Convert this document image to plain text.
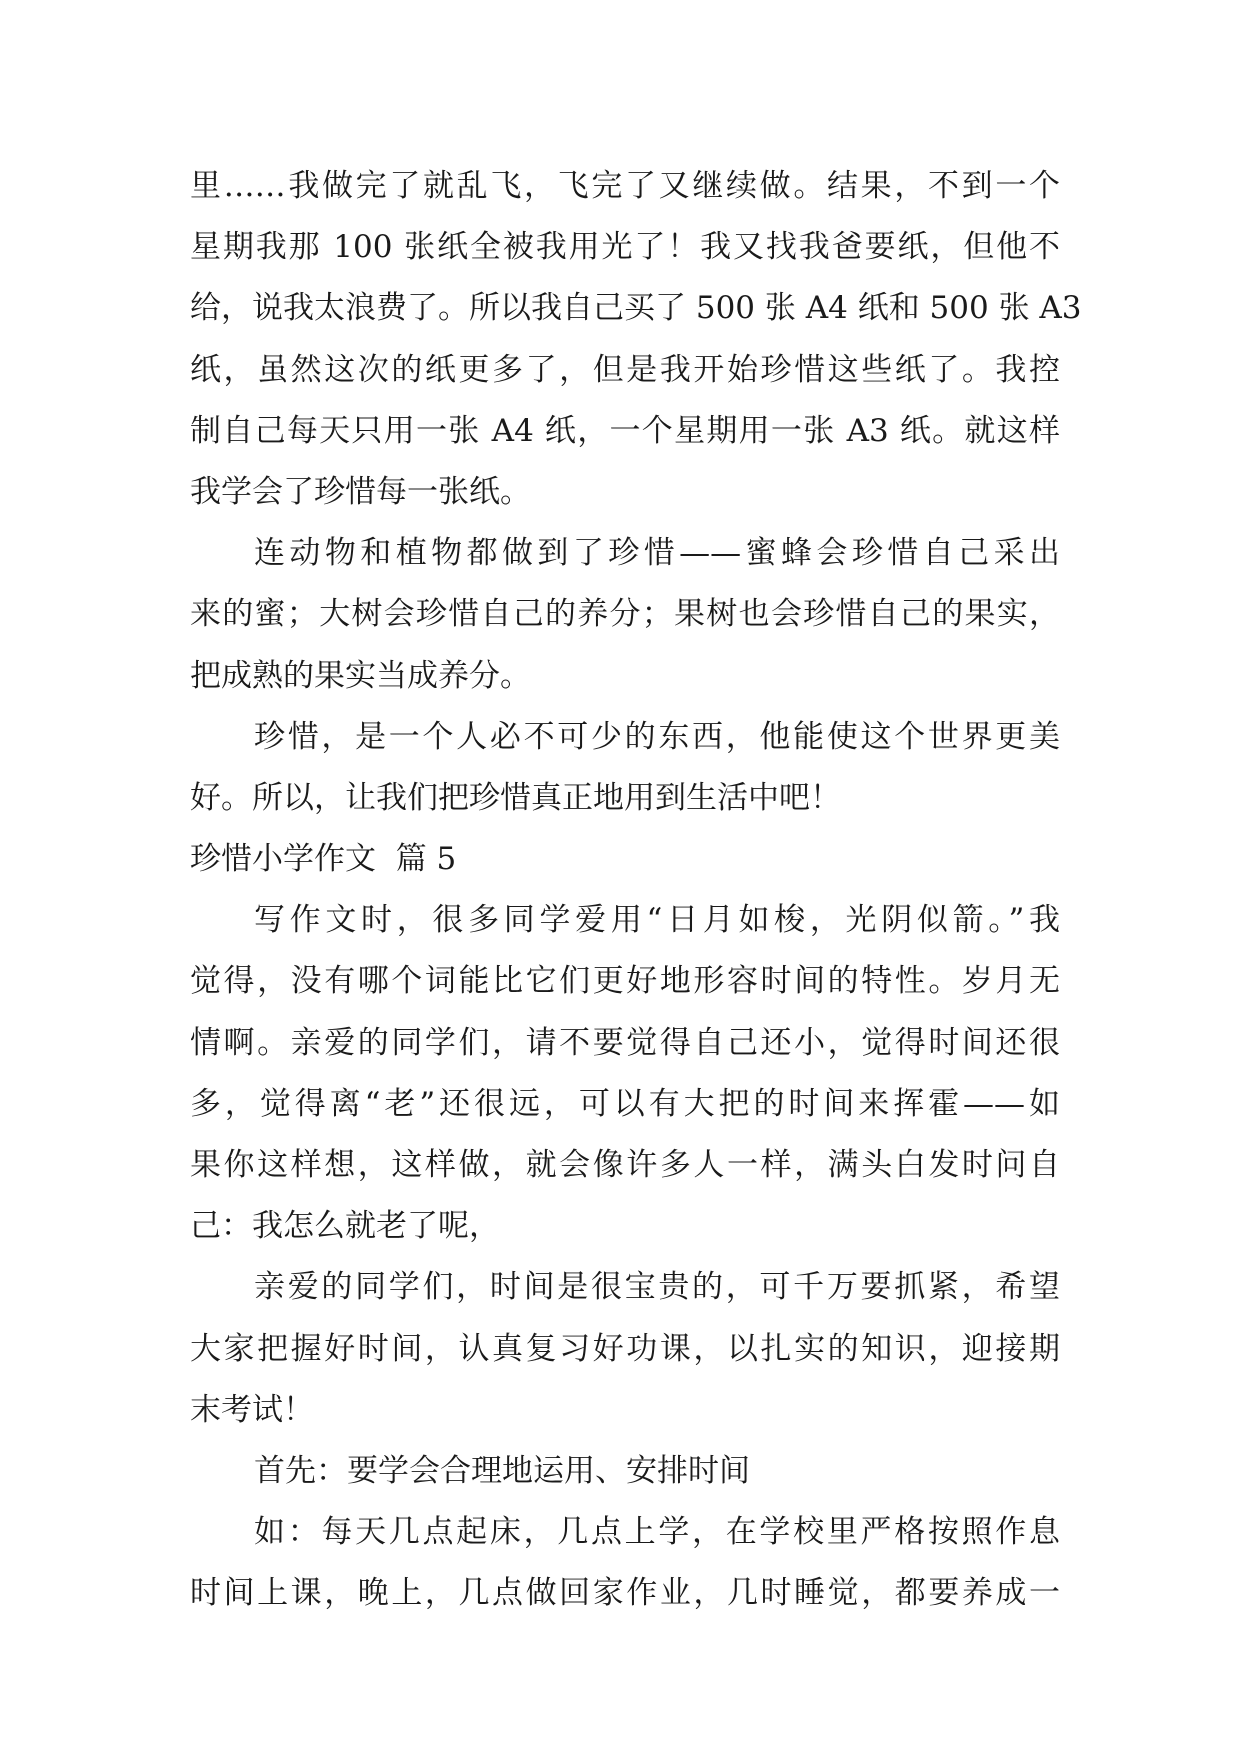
里……我做完了就乱飞，飞完了又继续做。结果，不到一个
星期我那 100 张纸全被我用光了！我又找我爸要纸，但他不
给，说我太浪费了。所以我自己买了 500 张 A4 纸和 500 张 A3
纸，虽然这次的纸更多了，但是我开始珍惜这些纸了。我控
制自己每天只用一张 A4 纸，一个星期用一张 A3 纸。就这样
我学会了珍惜每一张纸。
连动物和植物都做到了珍惜——蜜蜂会珍惜自己采出
来的蜜；大树会珍惜自己的养分；果树也会珍惜自己的果实，
把成熟的果实当成养分。
珍惜，是一个人必不可少的东西，他能使这个世界更美
好。所以，让我们把珍惜真正地用到生活中吧！
珍惜小学作文  篇 5
写作文时，很多同学爱用“日月如梭，光阴似箭。”我
觉得，没有哪个词能比它们更好地形容时间的特性。岁月无
情啊。亲爱的同学们，请不要觉得自己还小，觉得时间还很
多，觉得离“老”还很远，可以有大把的时间来挥霍——如
果你这样想，这样做，就会像许多人一样，满头白发时问自
己：我怎么就老了呢，
亲爱的同学们，时间是很宝贵的，可千万要抓紧，希望
大家把握好时间，认真复习好功课，以扎实的知识，迎接期
末考试！
首先：要学会合理地运用、安排时间
如：每天几点起床，几点上学，在学校里严格按照作息
时间上课，晚上，几点做回家作业，几时睡觉，都要养成一
